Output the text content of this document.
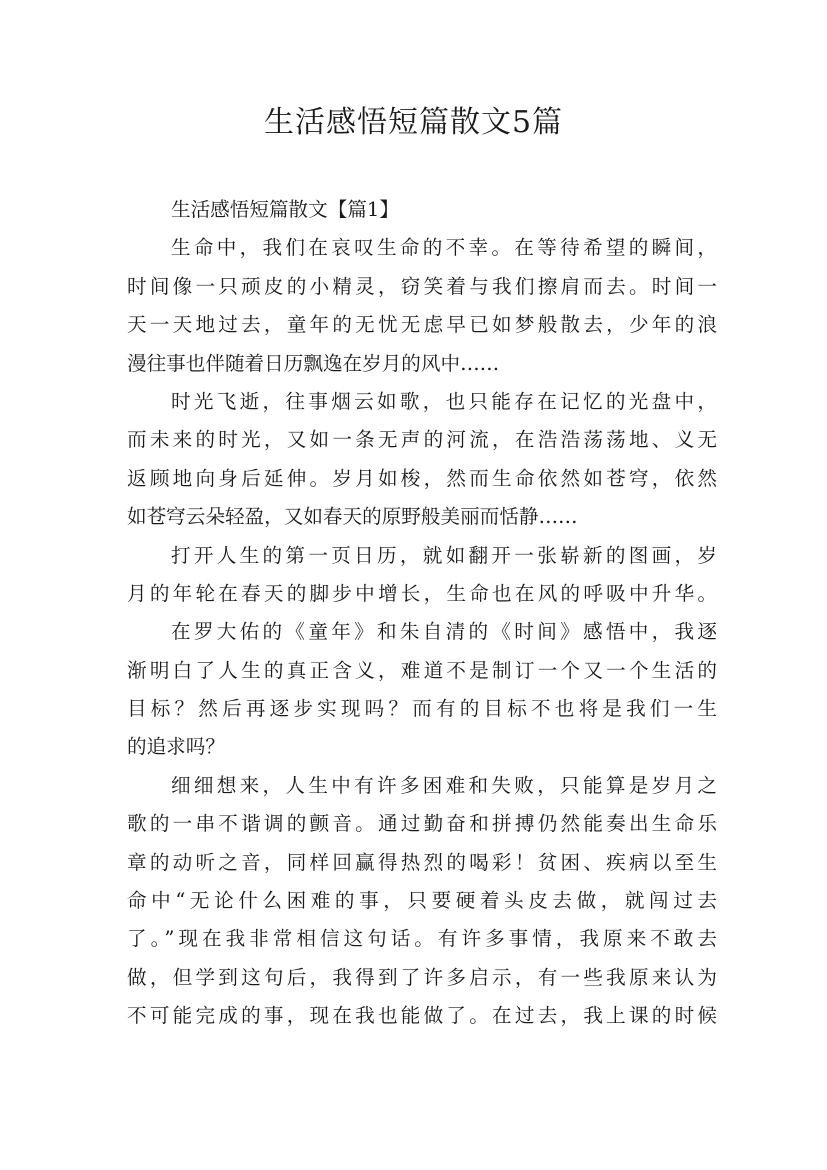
生活感悟短篇散文5篇
生活感悟短篇散文【篇1】
生命中，我们在哀叹生命的不幸。在等待希望的瞬间，
时间像一只顽皮的小精灵，窃笑着与我们擦肩而去。时间一
天一天地过去，童年的无忧无虑早已如梦般散去，少年的浪
漫往事也伴随着日历飘逸在岁月的风中……
时光飞逝，往事烟云如歌，也只能存在记忆的光盘中，
而未来的时光，又如一条无声的河流，在浩浩荡荡地、义无
返顾地向身后延伸。岁月如梭，然而生命依然如苍穹，依然
如苍穹云朵轻盈，又如春天的原野般美丽而恬静……
打开人生的第一页日历，就如翻开一张崭新的图画，岁
月的年轮在春天的脚步中增长，生命也在风的呼吸中升华。
在罗大佑的《童年》和朱自清的《时间》感悟中，我逐
渐明白了人生的真正含义，难道不是制订一个又一个生活的
目标？然后再逐步实现吗？而有的目标不也将是我们一生
的追求吗？
细细想来，人生中有许多困难和失败，只能算是岁月之
歌的一串不谐调的颤音。通过勤奋和拼搏仍然能奏出生命乐
章的动听之音，同样回赢得热烈的喝彩！贫困、疾病以至生
命中“无论什么困难的事，只要硬着头皮去做，就闯过去
了。”现在我非常相信这句话。有许多事情，我原来不敢去
做，但学到这句后，我得到了许多启示，有一些我原来认为
不可能完成的事，现在我也能做了。在过去，我上课的时候
